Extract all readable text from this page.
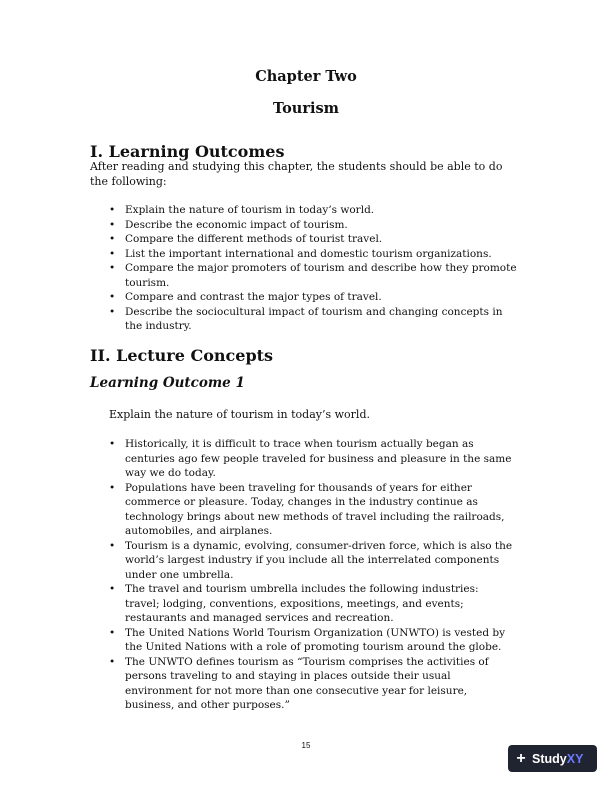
Chapter Two
Tourism
I. Learning Outcomes
After reading and studying this chapter, the students should be able to do the following:
• Explain the nature of tourism in today’s world.
• Describe the economic impact of tourism.
• Compare the different methods of tourist travel.
• List the important international and domestic tourism organizations.
• Compare the major promoters of tourism and describe how they promote tourism.
• Compare and contrast the major types of travel.
• Describe the sociocultural impact of tourism and changing concepts in the industry.
II. Lecture Concepts
Learning Outcome 1
Explain the nature of tourism in today’s world.
• Historically, it is difficult to trace when tourism actually began as centuries ago few people traveled for business and pleasure in the same way we do today.
• Populations have been traveling for thousands of years for either commerce or pleasure. Today, changes in the industry continue as technology brings about new methods of travel including the railroads, automobiles, and airplanes.
• Tourism is a dynamic, evolving, consumer-driven force, which is also the world’s largest industry if you include all the interrelated components under one umbrella.
• The travel and tourism umbrella includes the following industries: travel; lodging, conventions, expositions, meetings, and events; restaurants and managed services and recreation.
• The United Nations World Tourism Organization (UNWTO) is vested by the United Nations with a role of promoting tourism around the globe.
• The UNWTO defines tourism as “Tourism comprises the activities of persons traveling to and staying in places outside their usual environment for not more than one consecutive year for leisure, business, and other purposes.”
15
+ Study XY
